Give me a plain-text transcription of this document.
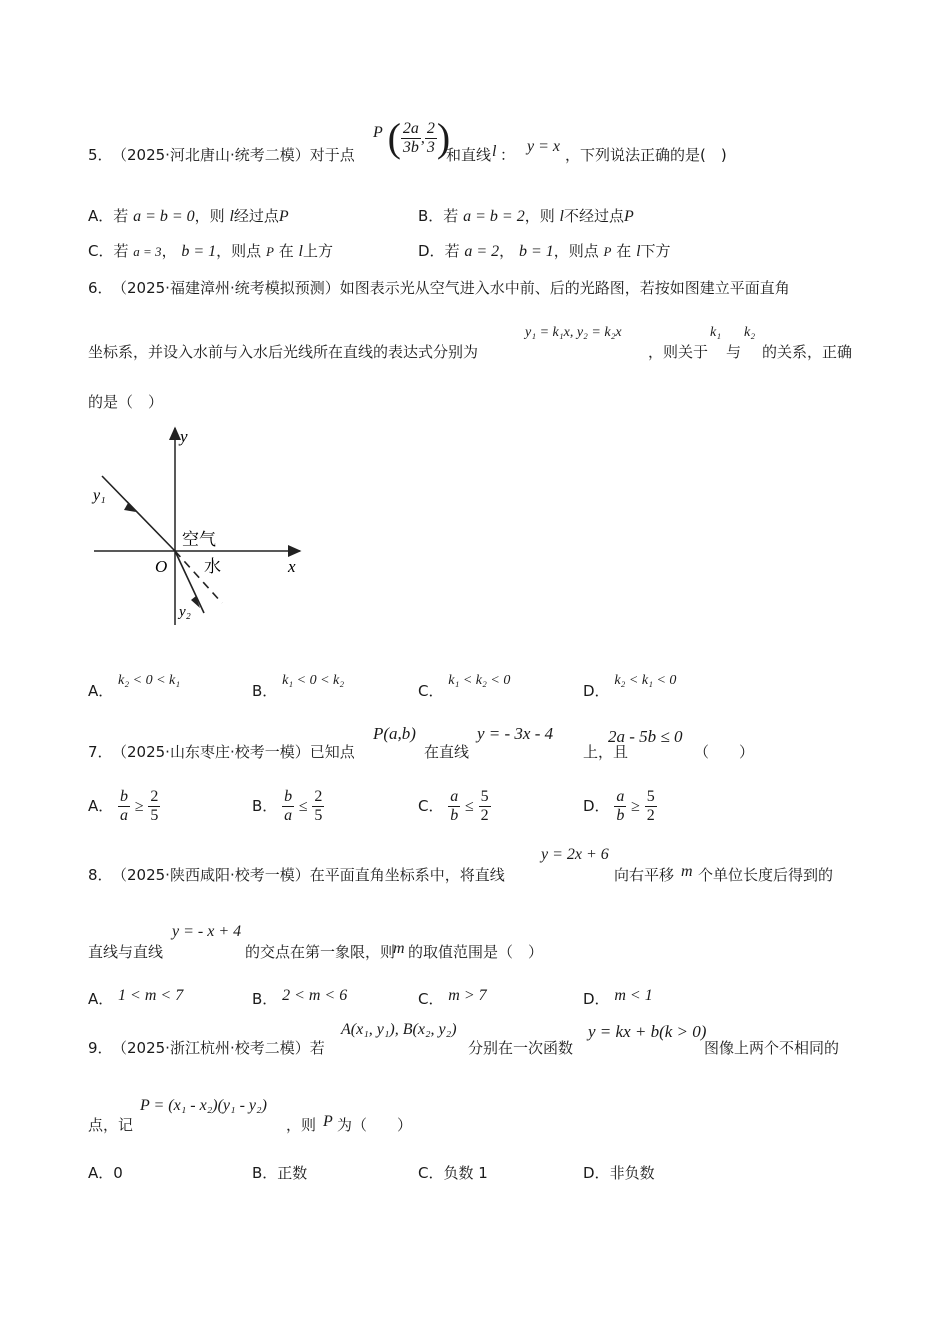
5． （2025·河北唐山·统考二模）对于点
P ( $\frac{2a}{3b}$ , $\frac{2}{3}$ )
和直线 l ： y = x ，下列说法正确的是(　)
A．若 a = b = 0，则 l经过点P	B．若 a = b = 2，则 l不经过点P
C．若 a = 3， b = 1，则点 P 在 l上方	D．若 a = 2， b = 1，则点 P 在 l下方
6． （2025·福建漳州·统考模拟预测）如图表示光从空气进入水中前、后的光路图，若按如图建立平面直角
坐标系，并设入水前与入水后光线所在直线的表达式分别为
y₁ = k₁x, y₂ = k₂x
，则关于
k₁
与
k₂
的关系，正确
的是（　）
y
x
O
y₁
y₂
空气
水
A． k₂ < 0 < k₁
B． k₁ < 0 < k₂
C． k₁ < k₂ < 0
D． k₂ < k₁ < 0
7． （2025·山东枣庄·校考一模）已知点
P(a,b)
在直线
y = - 3x - 4
上，且
2a - 5b ≤ 0
（　　）
A． $\frac{b}{a} \ge \frac{2}{5}$	B． $\frac{b}{a} \le \frac{2}{5}$	C． $\frac{a}{b} \le \frac{5}{2}$	D． $\frac{a}{b} \ge \frac{5}{2}$
8． （2025·陕西咸阳·校考一模）在平面直角坐标系中，将直线
y = 2x + 6
向右平移 m 个单位长度后得到的
直线与直线
y = - x + 4
的交点在第一象限，则
m 的取值范围是（　）
A． 1 < m < 7	B． 2 < m < 6	C． m > 7	D． m < 1
9． （2025·浙江杭州·校考二模）若
A(x₁, y₁), B(x₂, y₂)
分别在一次函数
y = kx + b(k > 0)
图像上两个不相同的
点，记
P = (x₁ - x₂)(y₁ - y₂)
，则 P 为（　　）
A．0	B．正数	C．负数 1	D．非负数
